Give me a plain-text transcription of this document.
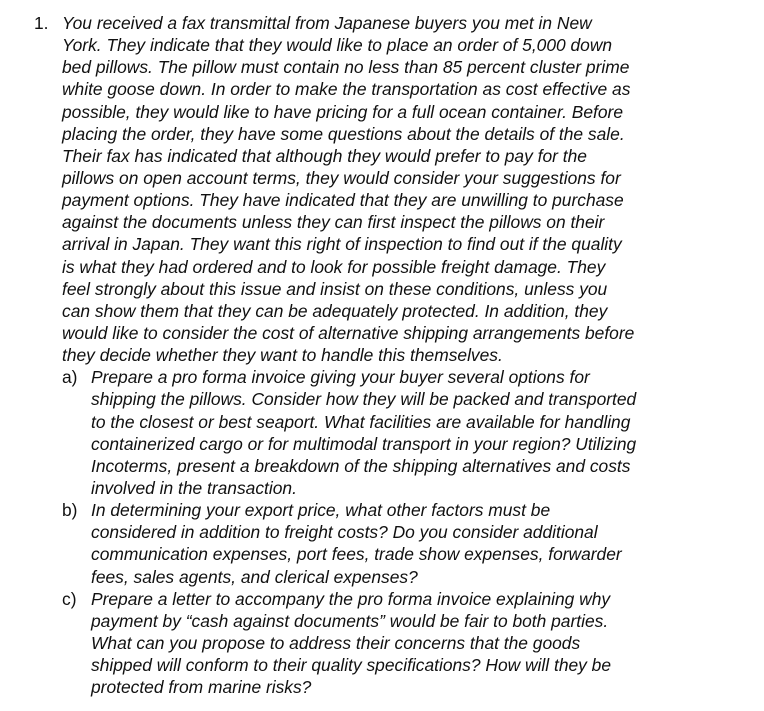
1. You received a fax transmittal from Japanese buyers you met in New
York. They indicate that they would like to place an order of 5,000 down
bed pillows. The pillow must contain no less than 85 percent cluster prime
white goose down. In order to make the transportation as cost effective as
possible, they would like to have pricing for a full ocean container. Before
placing the order, they have some questions about the details of the sale.
Their fax has indicated that although they would prefer to pay for the
pillows on open account terms, they would consider your suggestions for
payment options. They have indicated that they are unwilling to purchase
against the documents unless they can first inspect the pillows on their
arrival in Japan. They want this right of inspection to find out if the quality
is what they had ordered and to look for possible freight damage. They
feel strongly about this issue and insist on these conditions, unless you
can show them that they can be adequately protected. In addition, they
would like to consider the cost of alternative shipping arrangements before
they decide whether they want to handle this themselves.
a) Prepare a pro forma invoice giving your buyer several options for
shipping the pillows. Consider how they will be packed and transported
to the closest or best seaport. What facilities are available for handling
containerized cargo or for multimodal transport in your region? Utilizing
Incoterms, present a breakdown of the shipping alternatives and costs
involved in the transaction.
b) In determining your export price, what other factors must be
considered in addition to freight costs? Do you consider additional
communication expenses, port fees, trade show expenses, forwarder
fees, sales agents, and clerical expenses?
c) Prepare a letter to accompany the pro forma invoice explaining why
payment by “cash against documents” would be fair to both parties.
What can you propose to address their concerns that the goods
shipped will conform to their quality specifications? How will they be
protected from marine risks?
